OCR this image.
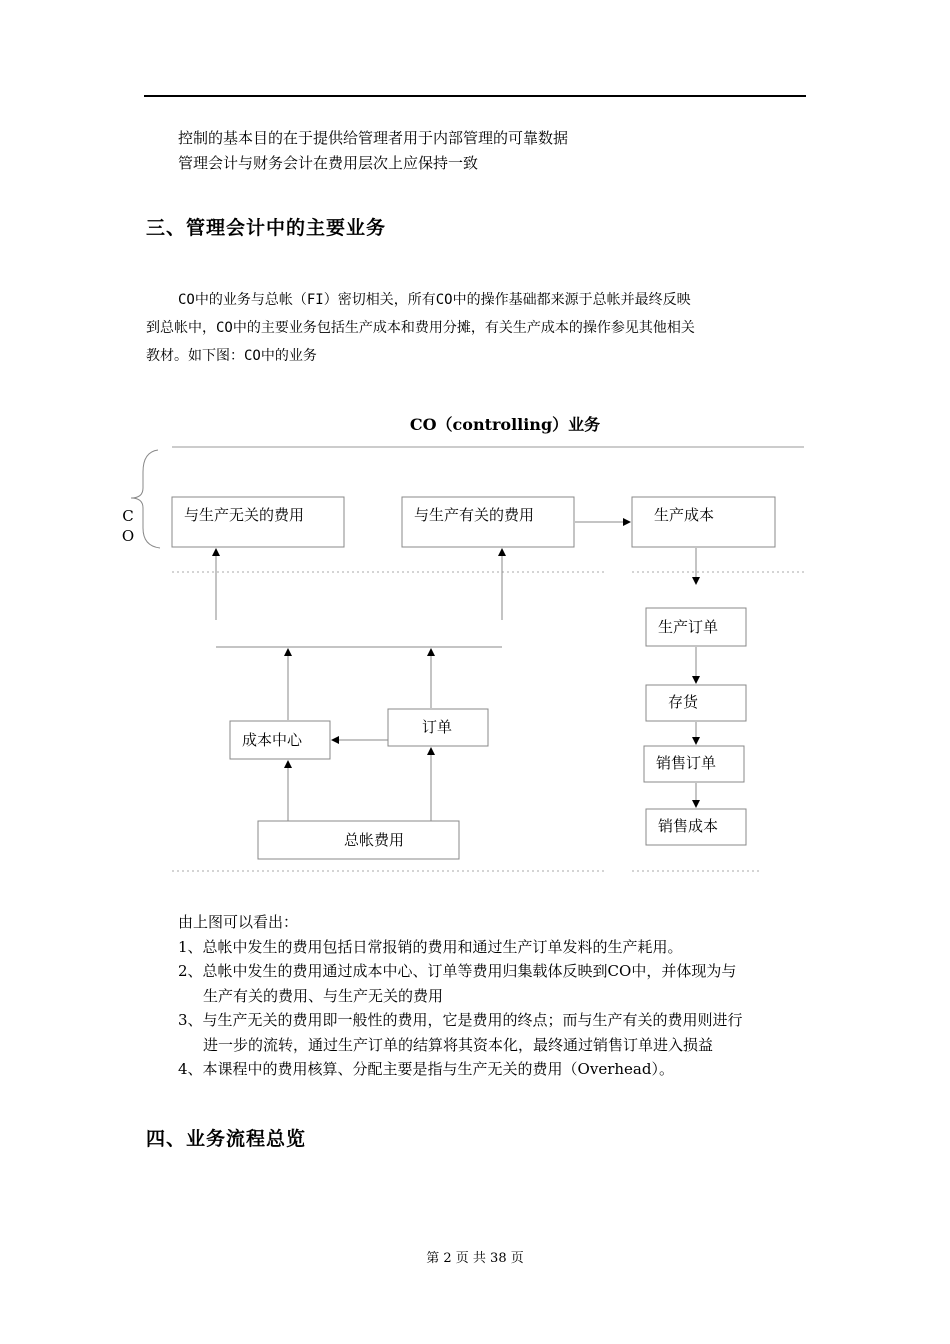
控制的基本目的在于提供给管理者用于内部管理的可靠数据
管理会计与财务会计在费用层次上应保持一致
三、管理会计中的主要业务
CO中的业务与总帐（FI）密切相关，所有CO中的操作基础都来源于总帐并最终反映
到总帐中，CO中的主要业务包括生产成本和费用分摊，有关生产成本的操作参见其他相关
教材。如下图：CO中的业务
CO（controlling）业务
C
O
与生产无关的费用	与生产有关的费用	生产成本
生产订单
存货
销售订单
销售成本
成本中心
订单
总帐费用
由上图可以看出：
1、总帐中发生的费用包括日常报销的费用和通过生产订单发料的生产耗用。
2、总帐中发生的费用通过成本中心、订单等费用归集载体反映到CO中，并体现为与
生产有关的费用、与生产无关的费用
3、与生产无关的费用即一般性的费用，它是费用的终点；而与生产有关的费用则进行
进一步的流转，通过生产订单的结算将其资本化，最终通过销售订单进入损益
4、本课程中的费用核算、分配主要是指与生产无关的费用（Overhead）。
四、业务流程总览
第 2 页 共 38 页
